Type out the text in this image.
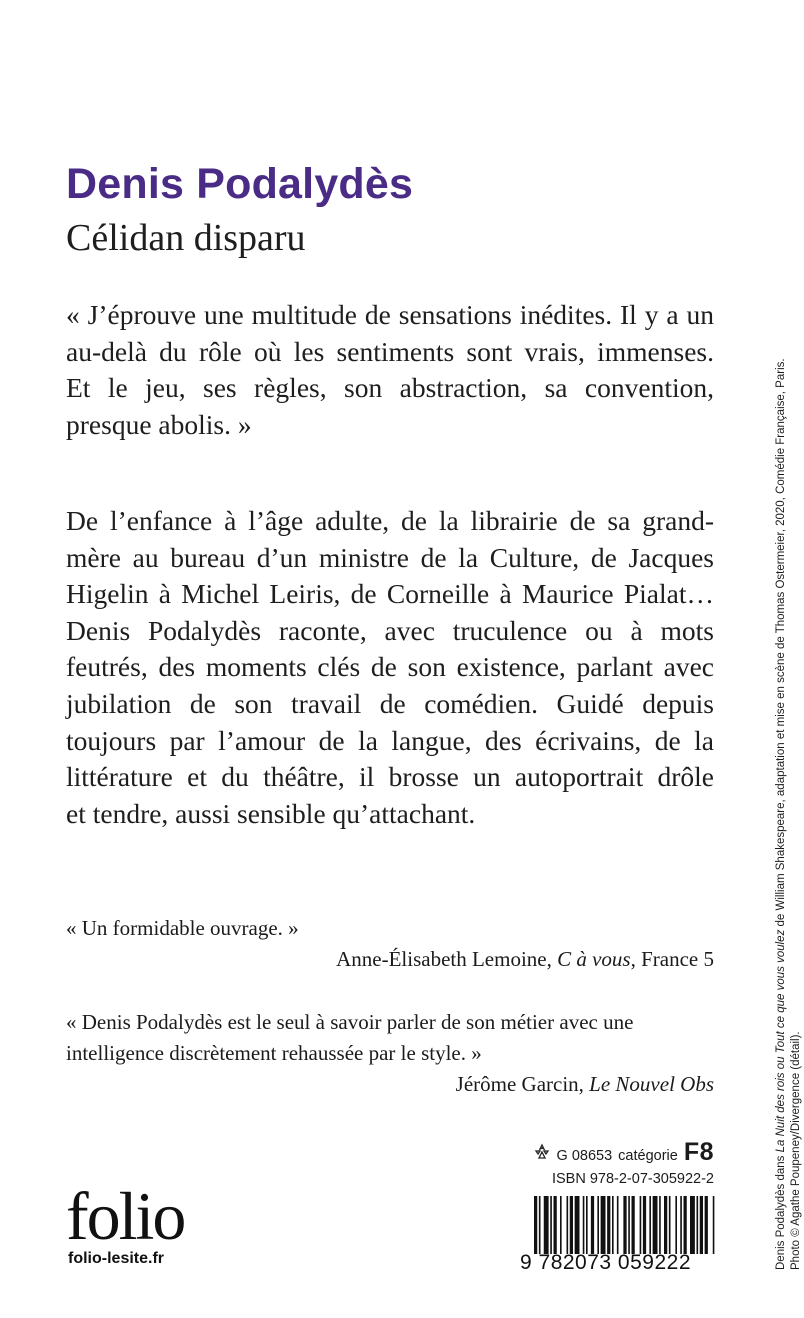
Denis Podalydès
Célidan disparu
« J’éprouve une multitude de sensations inédites. Il y a un
au-delà du rôle où les sentiments sont vrais, immenses.
Et le jeu, ses règles, son abstraction, sa convention,
presque abolis. »
De l’enfance à l’âge adulte, de la librairie de sa grand-
mère au bureau d’un ministre de la Culture, de Jacques
Higelin à Michel Leiris, de Corneille à Maurice Pialat…
Denis Podalydès raconte, avec truculence ou à mots
feutrés, des moments clés de son existence, parlant avec
jubilation de son travail de comédien. Guidé depuis
toujours par l’amour de la langue, des écrivains, de la
littérature et du théâtre, il brosse un autoportrait drôle
et tendre, aussi sensible qu’attachant.
« Un formidable ouvrage. »
Anne-Élisabeth Lemoine, C à vous, France 5
« Denis Podalydès est le seul à savoir parler de son métier avec une
intelligence discrètement rehaussée par le style. »
Jérôme Garcin, Le Nouvel Obs
Denis Podalydès dans La Nuit des rois ou Tout ce que vous voulez de William Shakespeare, adaptation et mise en scène de Thomas Ostermeier, 2020, Comédie Française, Paris.
Photo © Agathe Poupeney/Divergence (détail).
G 08653 catégorie F8
ISBN 978-2-07-305922-2
folio
folio-lesite.fr	9 782073 059222
